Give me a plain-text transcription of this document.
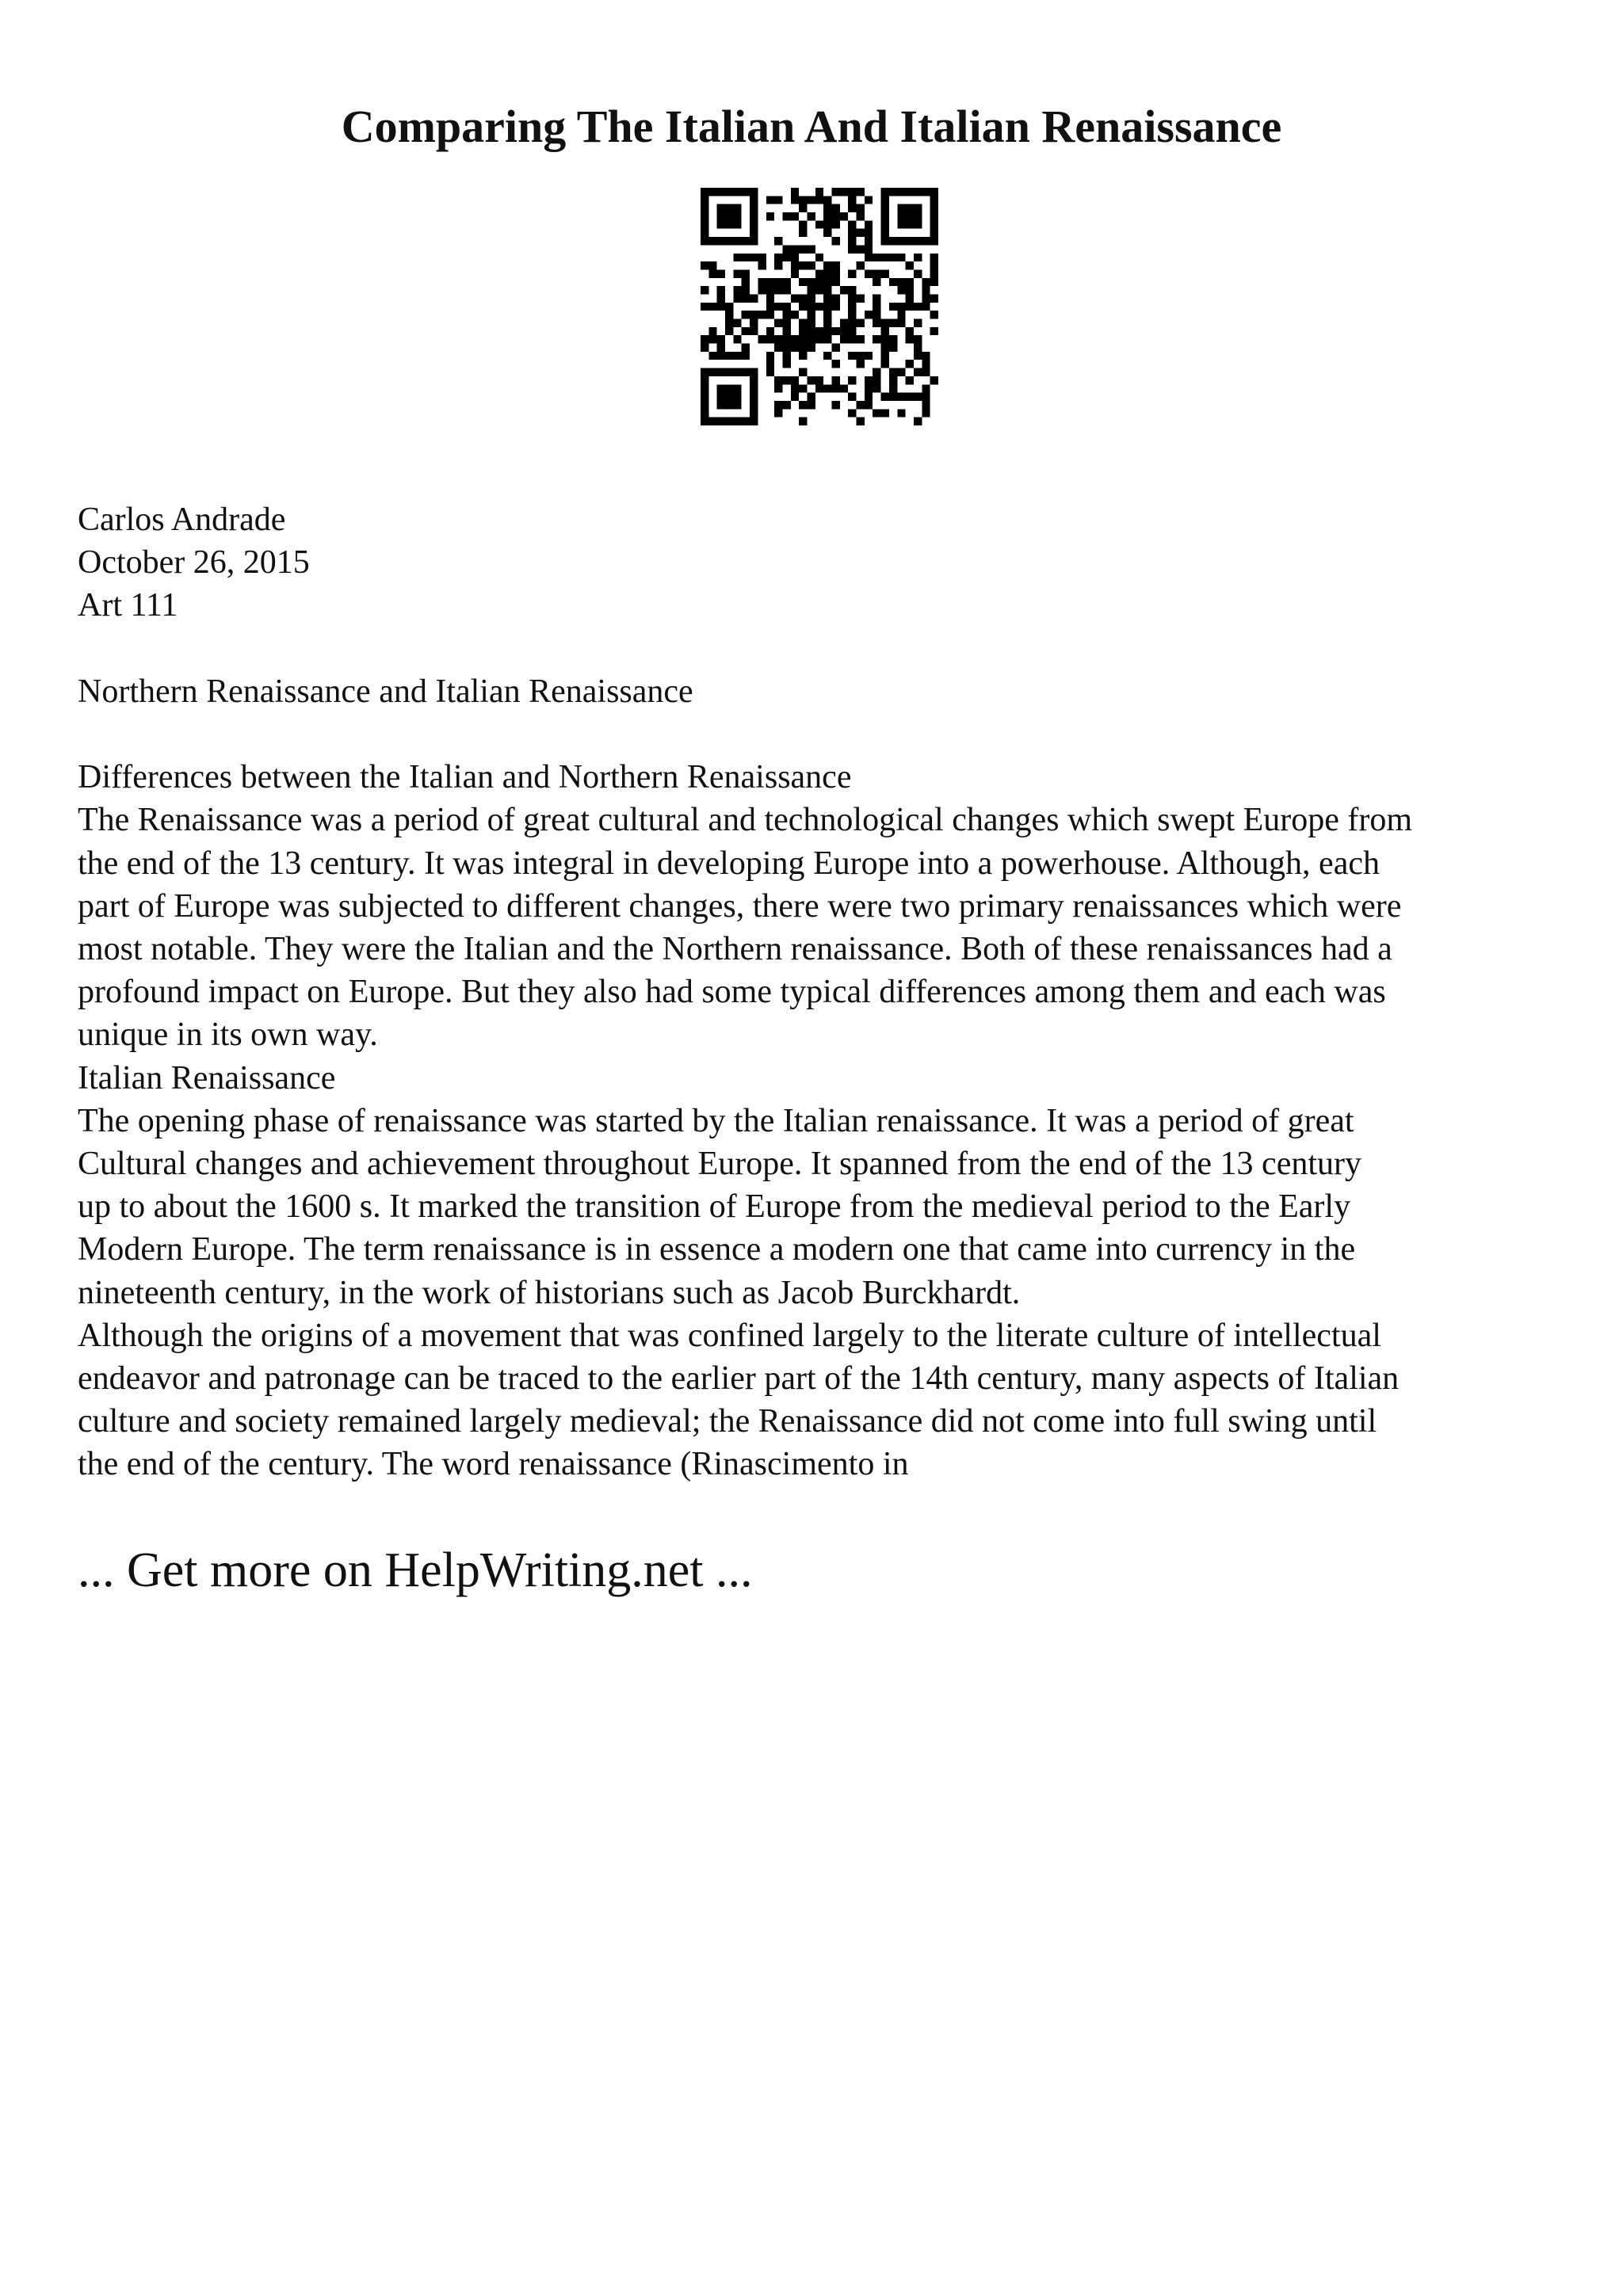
Comparing The Italian And Italian Renaissance
Carlos Andrade
October 26, 2015
Art 111
Northern Renaissance and Italian Renaissance
Differences between the Italian and Northern Renaissance
The Renaissance was a period of great cultural and technological changes which swept Europe from
the end of the 13 century. It was integral in developing Europe into a powerhouse. Although, each
part of Europe was subjected to different changes, there were two primary renaissances which were
most notable. They were the Italian and the Northern renaissance. Both of these renaissances had a
profound impact on Europe. But they also had some typical differences among them and each was
unique in its own way.
Italian Renaissance
The opening phase of renaissance was started by the Italian renaissance. It was a period of great
Cultural changes and achievement throughout Europe. It spanned from the end of the 13 century
up to about the 1600 s. It marked the transition of Europe from the medieval period to the Early
Modern Europe. The term renaissance is in essence a modern one that came into currency in the
nineteenth century, in the work of historians such as Jacob Burckhardt.
Although the origins of a movement that was confined largely to the literate culture of intellectual
endeavor and patronage can be traced to the earlier part of the 14th century, many aspects of Italian
culture and society remained largely medieval; the Renaissance did not come into full swing until
the end of the century. The word renaissance (Rinascimento in

... Get more on HelpWriting.net ...
